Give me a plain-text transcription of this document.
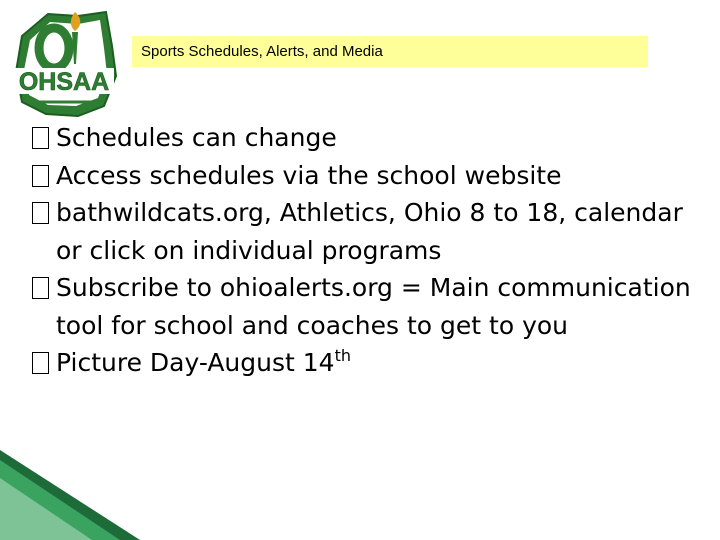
OHSAA
Sports Schedules, Alerts, and Media
Schedules can change
Access schedules via the school website
bathwildcats.org, Athletics, Ohio 8 to 18, calendar or click on individual programs
Subscribe to ohioalerts.org = Main communication tool for school and coaches to get to you
Picture Day-August 14th
